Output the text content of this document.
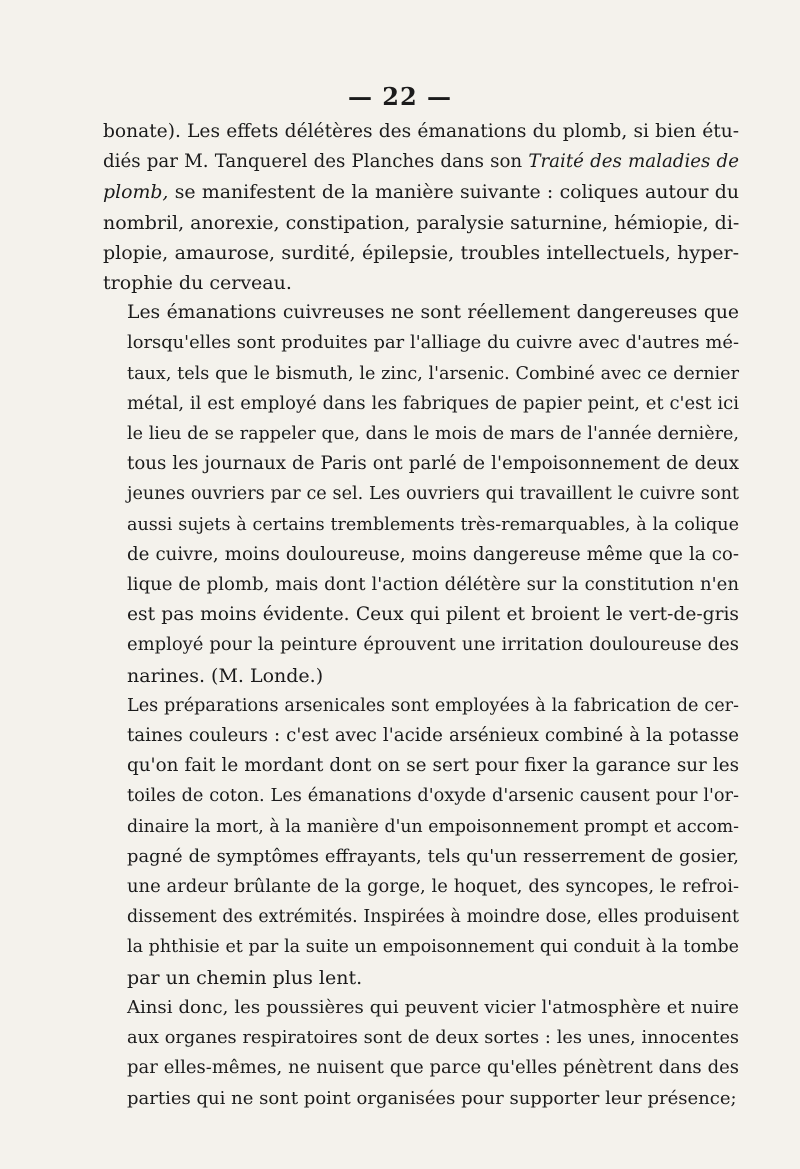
— 22 —
bonate). Les effets délétères des émanations du plomb, si bien étu-
diés par M. Tanquerel des Planches dans son Traité des maladies de
plomb, se manifestent de la manière suivante : coliques autour du
nombril, anorexie, constipation, paralysie saturnine, hémiopie, di-
plopie, amaurose, surdité, épilepsie, troubles intellectuels, hyper-
trophie du cerveau.
Les émanations cuivreuses ne sont réellement dangereuses que
lorsqu'elles sont produites par l'alliage du cuivre avec d'autres mé-
taux, tels que le bismuth, le zinc, l'arsenic. Combiné avec ce dernier
métal, il est employé dans les fabriques de papier peint, et c'est ici
le lieu de se rappeler que, dans le mois de mars de l'année dernière,
tous les journaux de Paris ont parlé de l'empoisonnement de deux
jeunes ouvriers par ce sel. Les ouvriers qui travaillent le cuivre sont
aussi sujets à certains tremblements très-remarquables, à la colique
de cuivre, moins douloureuse, moins dangereuse même que la co-
lique de plomb, mais dont l'action délétère sur la constitution n'en
est pas moins évidente. Ceux qui pilent et broient le vert-de-gris
employé pour la peinture éprouvent une irritation douloureuse des
narines. (M. Londe.)
Les préparations arsenicales sont employées à la fabrication de cer-
taines couleurs : c'est avec l'acide arsénieux combiné à la potasse
qu'on fait le mordant dont on se sert pour fixer la garance sur les
toiles de coton. Les émanations d'oxyde d'arsenic causent pour l'or-
dinaire la mort, à la manière d'un empoisonnement prompt et accom-
pagné de symptômes effrayants, tels qu'un resserrement de gosier,
une ardeur brûlante de la gorge, le hoquet, des syncopes, le refroi-
dissement des extrémités. Inspirées à moindre dose, elles produisent
la phthisie et par la suite un empoisonnement qui conduit à la tombe
par un chemin plus lent.
Ainsi donc, les poussières qui peuvent vicier l'atmosphère et nuire
aux organes respiratoires sont de deux sortes : les unes, innocentes
par elles-mêmes, ne nuisent que parce qu'elles pénètrent dans des
parties qui ne sont point organisées pour supporter leur présence;
